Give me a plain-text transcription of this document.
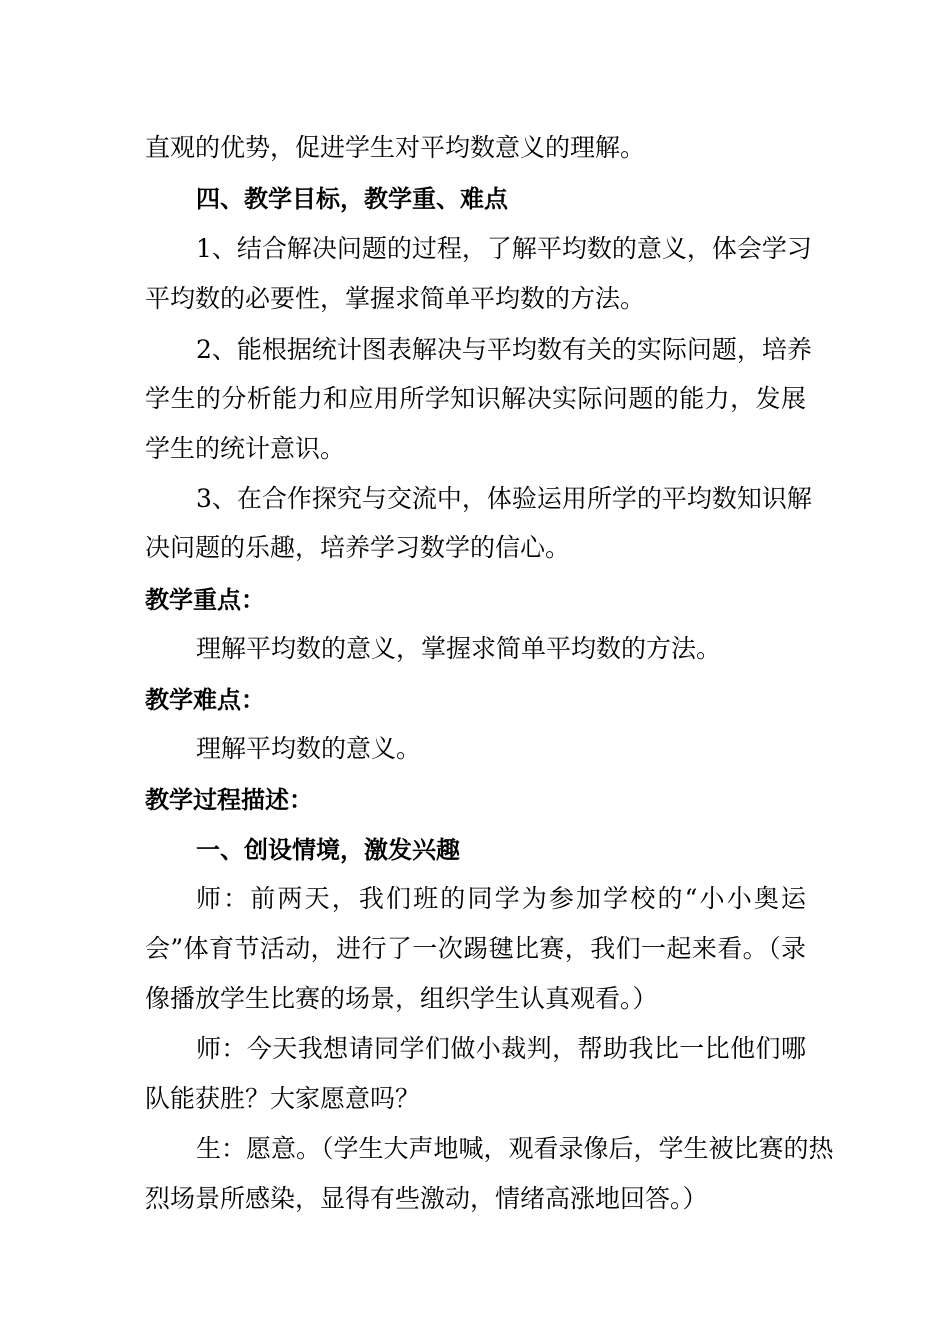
直观的优势，促进学生对平均数意义的理解。
四、教学目标，教学重、难点
1、结合解决问题的过程，了解平均数的意义，体会学习
平均数的必要性，掌握求简单平均数的方法。
2、能根据统计图表解决与平均数有关的实际问题，培养
学生的分析能力和应用所学知识解决实际问题的能力，发展
学生的统计意识。
3、在合作探究与交流中，体验运用所学的平均数知识解
决问题的乐趣，培养学习数学的信心。
教学重点：
理解平均数的意义，掌握求简单平均数的方法。
教学难点：
理解平均数的意义。
教学过程描述：
一、创设情境，激发兴趣
师：前两天，我们班的同学为参加学校的“小小奥运
会”体育节活动，进行了一次踢毽比赛，我们一起来看。（录
像播放学生比赛的场景，组织学生认真观看。）
师：今天我想请同学们做小裁判，帮助我比一比他们哪
队能获胜？大家愿意吗？
生：愿意。（学生大声地喊，观看录像后，学生被比赛的热
烈场景所感染，显得有些激动，情绪高涨地回答。）
